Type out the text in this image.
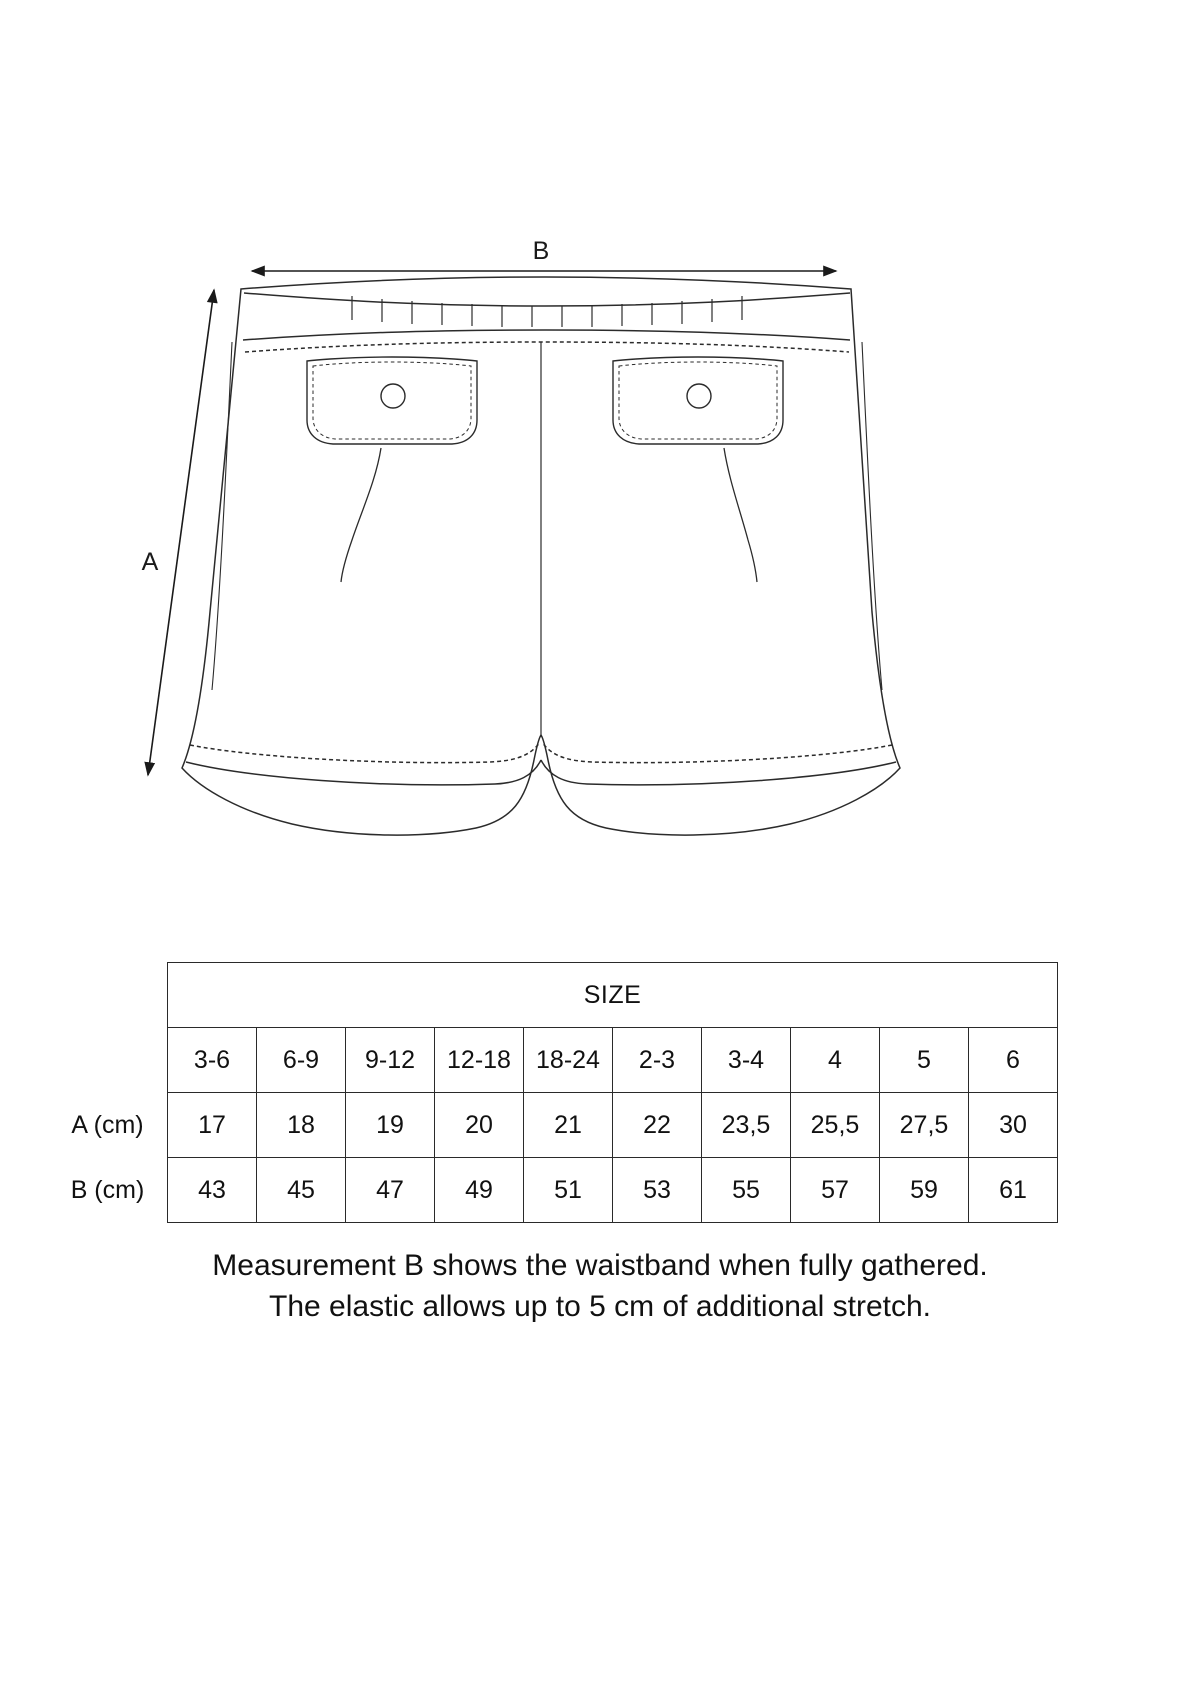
B
A
	SIZE									
	3-6	6-9	9-12	12-18	18-24	2-3	3-4	4	5	6
A (cm)	17	18	19	20	21	22	23,5	25,5	27,5	30
B (cm)	43	45	47	49	51	53	55	57	59	61
Measurement B shows the waistband when fully gathered.
The elastic allows up to 5 cm of additional stretch.
